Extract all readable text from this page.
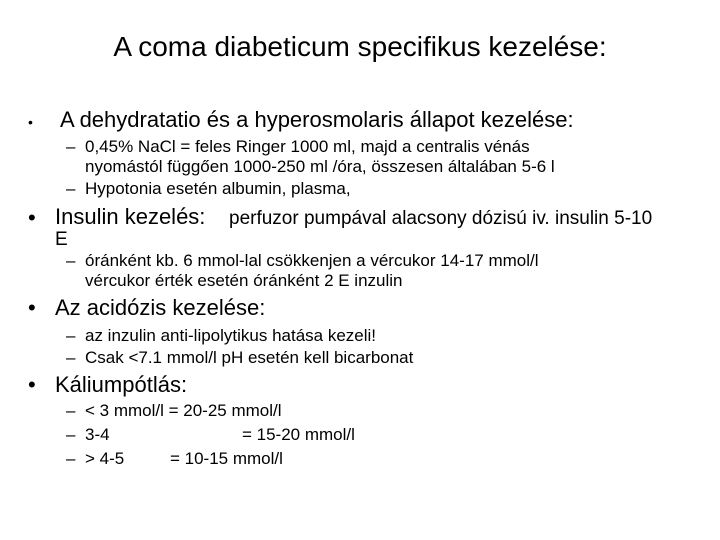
A coma diabeticum specifikus kezelése:
• A dehydratatio és a hyperosmolaris állapot kezelése:
– 0,45% NaCl = feles Ringer 1000 ml, majd a centralis vénás
nyomástól függően 1000-250 ml /óra, összesen általában 5-6 l
– Hypotonia esetén albumin, plasma,
• Insulin kezelés: perfuzor pumpával alacsony dózisú iv. insulin 5-10
E
– óránként kb. 6 mmol-lal csökkenjen a vércukor 14-17 mmol/l
vércukor érték esetén óránként 2 E inzulin
• Az acidózis kezelése:
– az inzulin anti-lipolytikus hatása kezeli!
– Csak <7.1 mmol/l pH esetén kell bicarbonat
• Káliumpótlás:
– < 3 mmol/l = 20-25 mmol/l
– 3-4	= 15-20 mmol/l
– > 4-5	= 10-15 mmol/l
